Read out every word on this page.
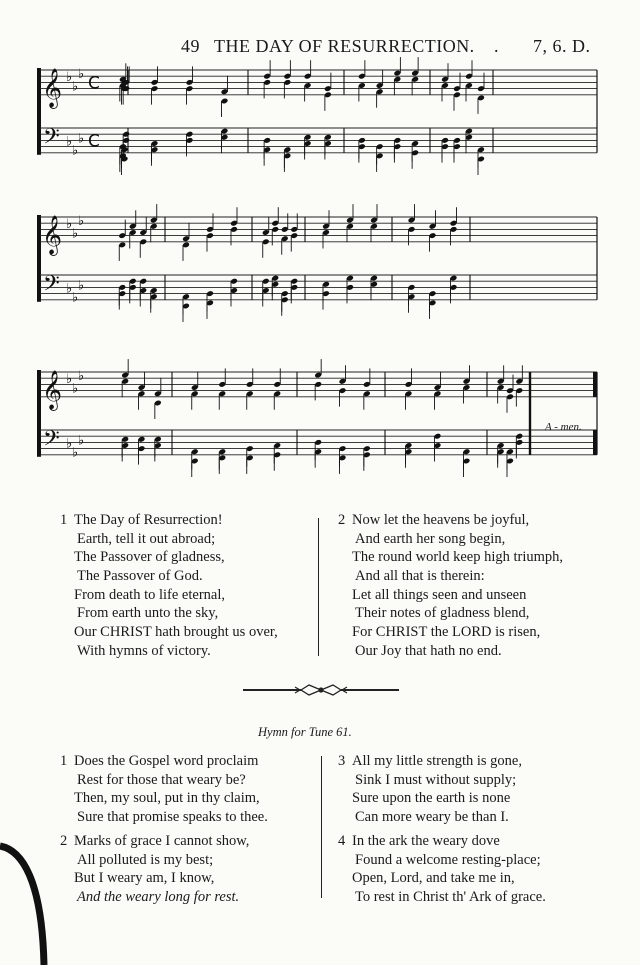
49 THE DAY OF RESURRECTION. . 7, 6. D.
𝄞 ♭
♭
♭ C
𝄢 ♭
♭
♭ C
𝄞 ♭
♭
♭
𝄢 ♭
♭
♭
𝄞 ♭
♭
♭
𝄢 ♭
♭
♭
A - men.
1 The Day of Resurrection!
Earth, tell it out abroad;
The Passover of gladness,
The Passover of God.
From death to life eternal,
From earth unto the sky,
Our CHRIST hath brought us over,
With hymns of victory.
2 Now let the heavens be joyful,
And earth her song begin,
The round world keep high triumph,
And all that is therein:
Let all things seen and unseen
Their notes of gladness blend,
For CHRIST the LORD is risen,
Our Joy that hath no end.
Hymn for Tune 61.
1 Does the Gospel word proclaim
Rest for those that weary be?
Then, my soul, put in thy claim,
Sure that promise speaks to thee.
2 Marks of grace I cannot show,
All polluted is my best;
But I weary am, I know,
And the weary long for rest.
3 All my little strength is gone,
Sink I must without supply;
Sure upon the earth is none
Can more weary be than I.
4 In the ark the weary dove
Found a welcome resting-place;
Open, Lord, and take me in,
To rest in Christ th' Ark of grace.
